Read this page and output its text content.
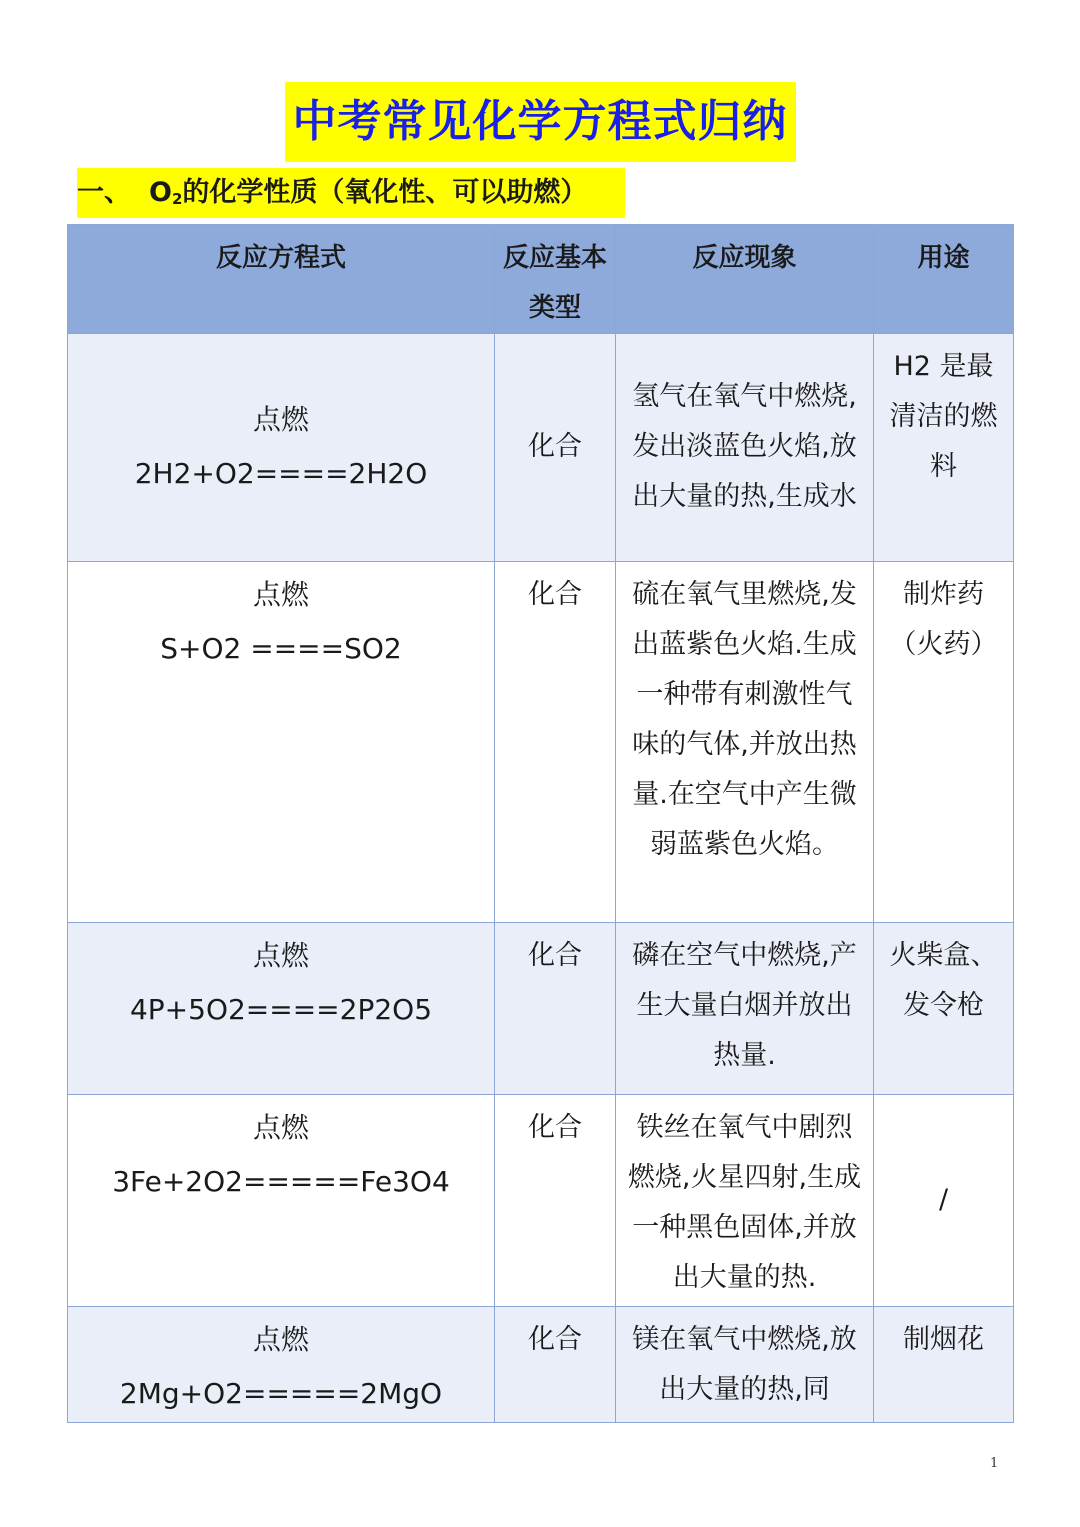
中考常见化学方程式归纳
一、 $O_2$的化学性质（氧化性、可以助燃）
反应方程式	反应基本类型	反应现象	用途

点燃
2H2+O2====2H2O	化合	氢气在氧气中燃烧,发出淡蓝色火焰,放出大量的热,生成水	H2 是最清洁的燃料

点燃
S+O2 ====SO2	化合	硫在氧气里燃烧,发出蓝紫色火焰.生成一种带有刺激性气味的气体,并放出热量.在空气中产生微弱蓝紫色火焰。	制炸药（火药）

点燃
4P+5O2====2P2O5	化合	磷在空气中燃烧,产生大量白烟并放出热量.	火柴盒、发令枪

点燃
3Fe+2O2=====Fe3O4	化合	铁丝在氧气中剧烈燃烧,火星四射,生成一种黑色固体,并放出大量的热.	/

点燃
2Mg+O2=====2MgO	化合	镁在氧气中燃烧,放出大量的热,同	制烟花
1
